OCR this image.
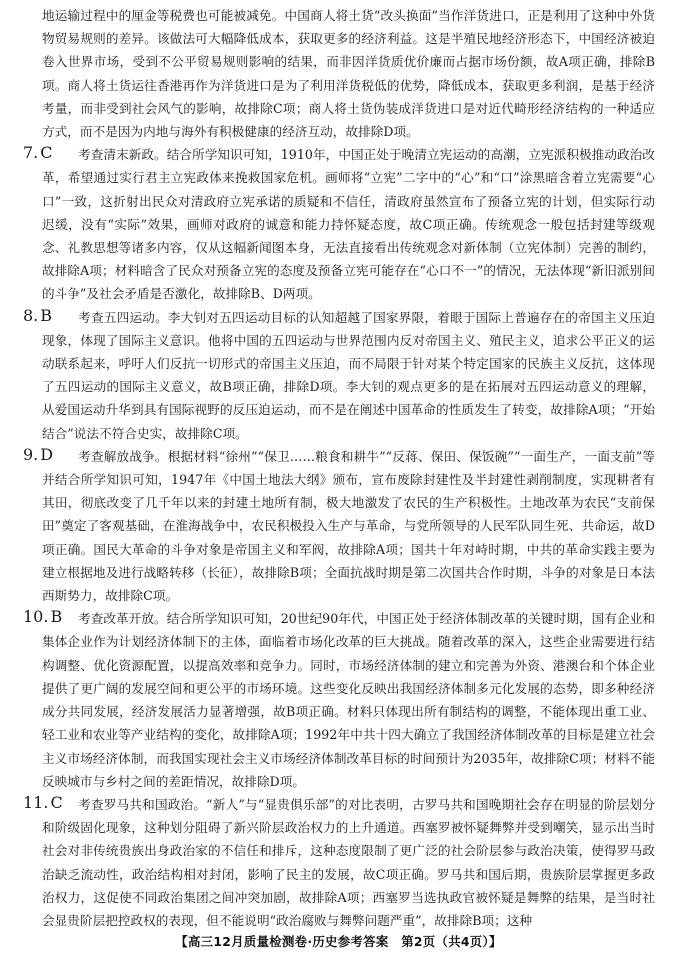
地运输过程中的厘金等税费也可能被减免。中国商人将土货“改头换面”当作洋货进口，正是利用了这种中外货物贸易规则的差异。该做法可大幅降低成本，获取更多的经济利益。这是半殖民地经济形态下，中国经济被迫卷入世界市场，受到不公平贸易规则影响的结果，而非因洋货质优价廉而占据市场份额，故A项正确，排除B项。商人将土货运往香港再作为洋货进口是为了利用洋货税低的优势，降低成本，获取更多利润，是基于经济考量，而非受到社会风气的影响，故排除C项；商人将土货伪装成洋货进口是对近代畸形经济结构的一种适应方式，而不是因为内地与海外有积极健康的经济互动，故排除D项。

7. C	考查清末新政。结合所学知识可知，1910年，中国正处于晚清立宪运动的高潮，立宪派积极推动政治改革，希望通过实行君主立宪政体来挽救国家危机。画师将“立宪”二字中的“心”和“口”涂黑暗含着立宪需要“心口”一致，这折射出民众对清政府立宪承诺的质疑和不信任，清政府虽然宣布了预备立宪的计划，但实际行动迟缓，没有“实际”效果，画师对政府的诚意和能力持怀疑态度，故C项正确。传统观念一般包括封建等级观念、礼教思想等诸多内容，仅从这幅新闻图本身，无法直接看出传统观念对新体制（立宪体制）完善的制约，故排除A项；材料暗含了民众对预备立宪的态度及预备立宪可能存在“心口不一”的情况，无法体现“新旧派别间的斗争”及社会矛盾是否激化，故排除B、D两项。

8. B	考查五四运动。李大钊对五四运动目标的认知超越了国家界限，着眼于国际上普遍存在的帝国主义压迫现象，体现了国际主义意识。他将中国的五四运动与世界范围内反对帝国主义、殖民主义，追求公平正义的运动联系起来，呼吁人们反抗一切形式的帝国主义压迫，而不局限于针对某个特定国家的民族主义反抗，这体现了五四运动的国际主义意义，故B项正确，排除D项。李大钊的观点更多的是在拓展对五四运动意义的理解，从爱国运动升华到具有国际视野的反压迫运动，而不是在阐述中国革命的性质发生了转变，故排除A项；“开始结合”说法不符合史实，故排除C项。

9. D	考查解放战争。根据材料“徐州”“保卫……粮食和耕牛”“反蒋、保田、保饭碗”“一面生产，一面支前”等并结合所学知识可知，1947年《中国土地法大纲》颁布，宣布废除封建性及半封建性剥削制度，实现耕者有其田，彻底改变了几千年以来的封建土地所有制，极大地激发了农民的生产积极性。土地改革为农民“支前保田”奠定了客观基础，在淮海战争中，农民积极投入生产与革命，与党所领导的人民军队同生死、共命运，故D项正确。国民大革命的斗争对象是帝国主义和军阀，故排除A项；国共十年对峙时期，中共的革命实践主要为建立根据地及进行战略转移（长征），故排除B项；全面抗战时期是第二次国共合作时期，斗争的对象是日本法西斯势力，故排除C项。

10. B	考查改革开放。结合所学知识可知，20世纪90年代，中国正处于经济体制改革的关键时期，国有企业和集体企业作为计划经济体制下的主体，面临着市场化改革的巨大挑战。随着改革的深入，这些企业需要进行结构调整、优化资源配置，以提高效率和竞争力。同时，市场经济体制的建立和完善为外资、港澳台和个体企业提供了更广阔的发展空间和更公平的市场环境。这些变化反映出我国经济体制多元化发展的态势，即多种经济成分共同发展，经济发展活力显著增强，故B项正确。材料只体现出所有制结构的调整，不能体现出重工业、轻工业和农业等产业结构的变化，故排除A项；1992年中共十四大确立了我国经济体制改革的目标是建立社会主义市场经济体制，而我国实现社会主义市场经济体制改革目标的时间预计为2035年，故排除C项；材料不能反映城市与乡村之间的差距情况，故排除D项。

11. C	考查罗马共和国政治。“新人”与“显贵俱乐部”的对比表明，古罗马共和国晚期社会存在明显的阶层划分和阶级固化现象，这种划分阻碍了新兴阶层政治权力的上升通道。西塞罗被怀疑舞弊并受到嘲笑，显示出当时社会对非传统贵族出身政治家的不信任和排斥，这种态度限制了更广泛的社会阶层参与政治决策，使得罗马政治缺乏流动性，政治结构相对封闭，影响了民主的发展，故C项正确。罗马共和国后期，贵族阶层掌握更多政治权力，这促使不同政治集团之间冲突加剧，故排除A项；西塞罗当选执政官被怀疑是舞弊的结果，是当时社会显贵阶层把控政权的表现，但不能说明“政治腐败与舞弊问题严重”，故排除B项；这种

【高三12月质量检测卷·历史参考答案　第2页（共4页）】
